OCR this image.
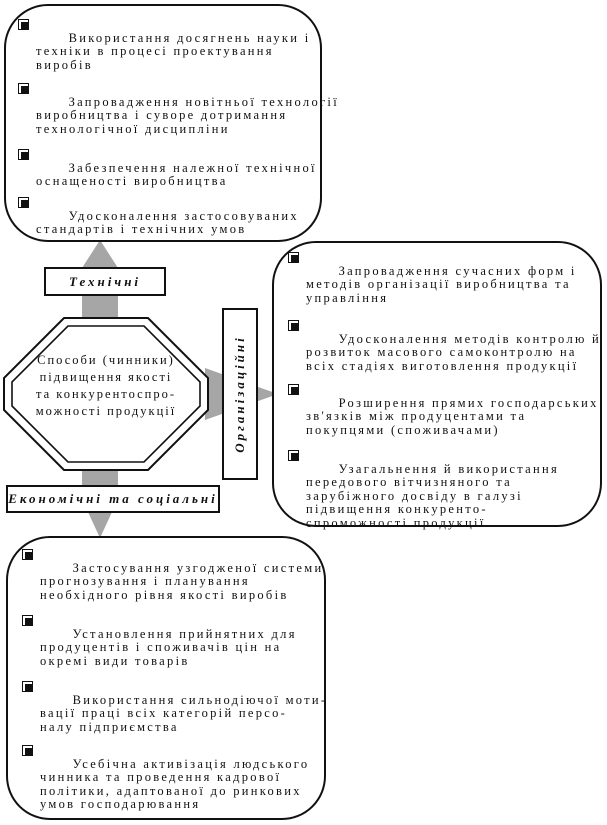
Використання досягнень науки і
техніки в процесі проектування
виробів

Запровадження новітньої технології
виробництва і суворе дотримання
технологічної дисципліни

Забезпечення належної технічної
оснащеності виробництва

Удосконалення застосовуваних
стандартів і технічних умов

Технічні

Запровадження сучасних форм і
методів організації виробництва та
управління

Удосконалення методів контролю й
розвиток масового самоконтролю на
всіх стадіях виготовлення продукції

Розширення прямих господарських
зв'язків між продуцентами та
покупцями (споживачами)

Узагальнення й використання
передового вітчизняного та
зарубіжного досвіду в галузі
підвищення конкуренто-
спроможності продукції

Організаційні
Способи (чинники)
підвищення якості
та конкурентоспро-
можності продукції
Економічні та соціальні

Застосування узгодженої системи
прогнозування і планування
необхідного рівня якості виробів

Установлення прийнятних для
продуцентів і споживачів цін на
окремі види товарів

Використання сильнодіючої моти-
вації праці всіх категорій персо-
налу підприємства

Усебічна активізація людського
чинника та проведення кадрової
політики, адаптованої до ринкових
умов господарювання
